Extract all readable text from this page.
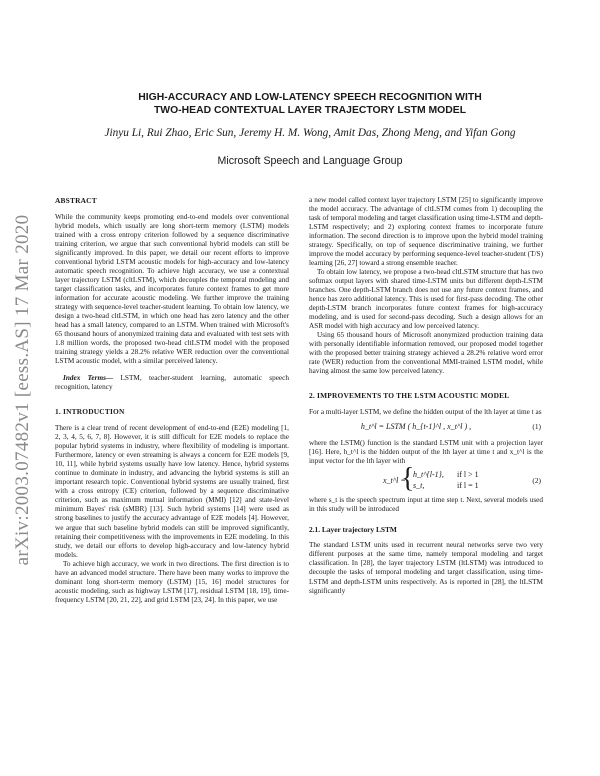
arXiv:2003.07482v1 [eess.AS] 17 Mar 2020
HIGH-ACCURACY AND LOW-LATENCY SPEECH RECOGNITION WITH
TWO-HEAD CONTEXTUAL LAYER TRAJECTORY LSTM MODEL
Jinyu Li, Rui Zhao, Eric Sun, Jeremy H. M. Wong, Amit Das, Zhong Meng, and Yifan Gong
Microsoft Speech and Language Group

ABSTRACT

While the community keeps promoting end-to-end models over conventional hybrid models, which usually are long short-term memory (LSTM) models trained with a cross entropy criterion followed by a sequence discriminative training criterion, we argue that such conventional hybrid models can still be significantly improved. In this paper, we detail our recent efforts to improve conventional hybrid LSTM acoustic models for high-accuracy and low-latency automatic speech recognition. To achieve high accuracy, we use a contextual layer trajectory LSTM (cltLSTM), which decouples the temporal modeling and target classification tasks, and incorporates future context frames to get more information for accurate acoustic modeling. We further improve the training strategy with sequence-level teacher-student learning. To obtain low latency, we design a two-head cltLSTM, in which one head has zero latency and the other head has a small latency, compared to an LSTM. When trained with Microsoft's 65 thousand hours of anonymized training data and evaluated with test sets with 1.8 million words, the proposed two-head cltLSTM model with the proposed training strategy yields a 28.2% relative WER reduction over the conventional LSTM acoustic model, with a similar perceived latency.

Index Terms— LSTM, teacher-student learning, automatic speech recognition, latency

1. INTRODUCTION

There is a clear trend of recent development of end-to-end (E2E) modeling [1, 2, 3, 4, 5, 6, 7, 8]. However, it is still difficult for E2E models to replace the popular hybrid systems in industry, where flexibility of modeling is important. Furthermore, latency or even streaming is always a concern for E2E models [9, 10, 11], while hybrid systems usually have low latency. Hence, hybrid systems continue to dominate in industry, and advancing the hybrid systems is still an important research topic. Conventional hybrid systems are usually trained, first with a cross entropy (CE) criterion, followed by a sequence discriminative criterion, such as maximum mutual information (MMI) [12] and state-level minimum Bayes' risk (sMBR) [13]. Such hybrid systems [14] were used as strong baselines to justify the accuracy advantage of E2E models [4]. However, we argue that such baseline hybrid models can still be improved significantly, retaining their competitiveness with the improvements in E2E modeling. In this study, we detail our efforts to develop high-accuracy and low-latency hybrid models.

To achieve high accuracy, we work in two directions. The first direction is to have an advanced model structure. There have been many works to improve the dominant long short-term memory (LSTM) [15, 16] model structures for acoustic modeling, such as highway LSTM [17], residual LSTM [18, 19], time-frequency LSTM [20, 21, 22], and grid LSTM [23, 24]. In this paper, we use

a new model called context layer trajectory LSTM [25] to significantly improve the model accuracy. The advantage of cltLSTM comes from 1) decoupling the task of temporal modeling and target classification using time-LSTM and depth-LSTM respectively; and 2) exploring context frames to incorporate future information. The second direction is to improve upon the hybrid model training strategy. Specifically, on top of sequence discriminative training, we further improve the model accuracy by performing sequence-level teacher-student (T/S) learning [26, 27] toward a strong ensemble teacher.

To obtain low latency, we propose a two-head cltLSTM structure that has two softmax output layers with shared time-LSTM units but different depth-LSTM branches. One depth-LSTM branch does not use any future context frames, and hence has zero additional latency. This is used for first-pass decoding. The other depth-LSTM branch incorporates future context frames for high-accuracy modeling, and is used for second-pass decoding. Such a design allows for an ASR model with high accuracy and low perceived latency.

Using 65 thousand hours of Microsoft anonymized production training data with personally identifiable information removed, our proposed model together with the proposed better training strategy achieved a 28.2% relative word error rate (WER) reduction from the conventional MMI-trained LSTM model, while having almost the same low perceived latency.

2. IMPROVEMENTS TO THE LSTM ACOUSTIC MODEL

For a multi-layer LSTM, we define the hidden output of the lth layer at time t as

h_t^l = LSTM ( h_{t-1}^l , x_t^l ) ,	(1)

where the LSTM() function is the standard LSTM unit with a projection layer [16]. Here, h_t^l is the hidden output of the lth layer at time t and x_t^l is the input vector for the lth layer with

x_t^l =
{
h_t^{l-1},
s_t,
if l > 1
if l = 1
(2)

where s_t is the speech spectrum input at time step t. Next, several models used in this study will be introduced

2.1. Layer trajectory LSTM

The standard LSTM units used in recurrent neural networks serve two very different purposes at the same time, namely temporal modeling and target classification. In [28], the layer trajectory LSTM (ltLSTM) was introduced to decouple the tasks of temporal modeling and target classification, using time-LSTM and depth-LSTM units respectively. As is reported in [28], the ltLSTM significantly
